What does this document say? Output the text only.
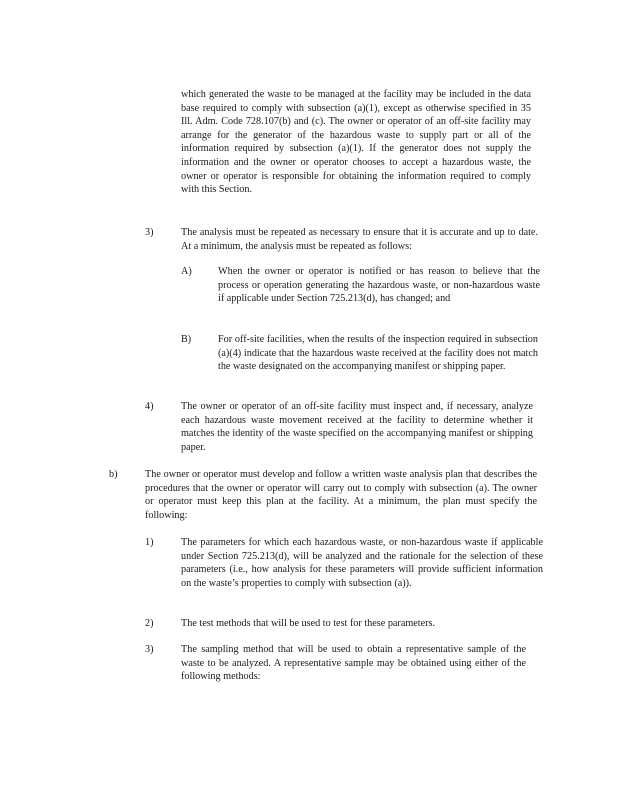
which generated the waste to be managed at the facility may be included in the data base required to comply with subsection (a)(1), except as otherwise specified in 35 Ill. Adm. Code 728.107(b) and (c). The owner or operator of an off-site facility may arrange for the generator of the hazardous waste to supply part or all of the information required by subsection (a)(1). If the generator does not supply the information and the owner or operator chooses to accept a hazardous waste, the owner or operator is responsible for obtaining the information required to comply with this Section.

3)	The analysis must be repeated as necessary to ensure that it is accurate and up to date. At a minimum, the analysis must be repeated as follows:

A)	When the owner or operator is notified or has reason to believe that the process or operation generating the hazardous waste, or non-hazardous waste if applicable under Section 725.213(d), has changed; and

B)	For off-site facilities, when the results of the inspection required in subsection (a)(4) indicate that the hazardous waste received at the facility does not match the waste designated on the accompanying manifest or shipping paper.

4)	The owner or operator of an off-site facility must inspect and, if necessary, analyze each hazardous waste movement received at the facility to determine whether it matches the identity of the waste specified on the accompanying manifest or shipping paper.

b)	The owner or operator must develop and follow a written waste analysis plan that describes the procedures that the owner or operator will carry out to comply with subsection (a). The owner or operator must keep this plan at the facility. At a minimum, the plan must specify the following:

1)	The parameters for which each hazardous waste, or non-hazardous waste if applicable under Section 725.213(d), will be analyzed and the rationale for the selection of these parameters (i.e., how analysis for these parameters will provide sufficient information on the waste’s properties to comply with subsection (a)).

2)	The test methods that will be used to test for these parameters.

3)	The sampling method that will be used to obtain a representative sample of the waste to be analyzed. A representative sample may be obtained using either of the following methods:
